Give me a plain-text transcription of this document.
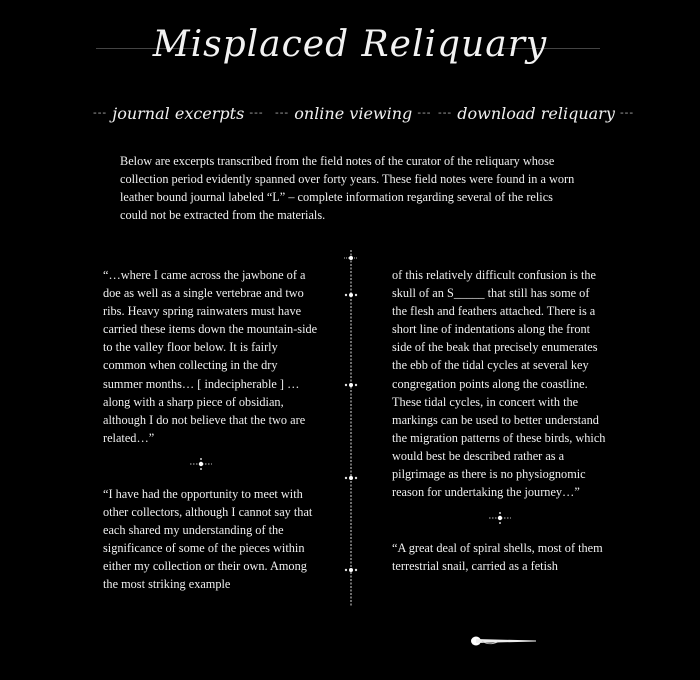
Misplaced Reliquary
--- journal excerpts --- --- online viewing --- --- download reliquary ---
Below are excerpts transcribed from the field notes of the curator of the reliquary whose collection period evidently spanned over forty years. These field notes were found in a worn leather bound journal labeled “L” – complete information regarding several of the relics could not be extracted from the materials.

“…where I came across the jawbone of a doe as well as a single vertebrae and two ribs. Heavy spring rainwaters must have carried these items down the mountain-side to the valley floor below. It is fairly common when collecting in the dry summer months… [ indecipherable ] …along with a sharp piece of obsidian, although I do not believe that the two are related…”

“I have had the opportunity to meet with other collectors, although I cannot say that each shared my understanding of the significance of some of the pieces within either my collection or their own. Among the most striking example

of this relatively difficult confusion is the skull of an S_____ that still has some of the flesh and feathers attached. There is a short line of indentations along the front side of the beak that precisely enumerates the ebb of the tidal cycles at several key congregation points along the coastline. These tidal cycles, in concert with the markings can be used to better understand the migration patterns of these birds, which would best be described rather as a pilgrimage as there is no physiognomic reason for undertaking the journey…”

“A great deal of spiral shells, most of them terrestrial snail, carried as a fetish
